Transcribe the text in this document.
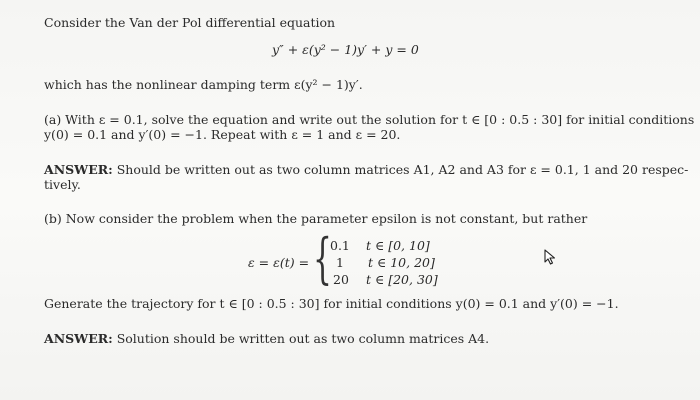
Consider the Van der Pol differential equation
y″ + ε(y² − 1)y′ + y = 0
which has the nonlinear damping term ε(y² − 1)y′.
(a) With ε = 0.1, solve the equation and write out the solution for t ∈ [0 : 0.5 : 30] for initial conditions
y(0) = 0.1 and y′(0) = −1. Repeat with ε = 1 and ε = 20.
ANSWER: Should be written out as two column matrices A1, A2 and A3 for ε = 0.1, 1 and 20 respec-
tively.
(b) Now consider the problem when the parameter epsilon is not constant, but rather
ε = ε(t) = {
0.1 t ∈ [0, 10]
1 t ∈ 10, 20]
20 t ∈ [20, 30]
Generate the trajectory for t ∈ [0 : 0.5 : 30] for initial conditions y(0) = 0.1 and y′(0) = −1.
ANSWER: Solution should be written out as two column matrices A4.
